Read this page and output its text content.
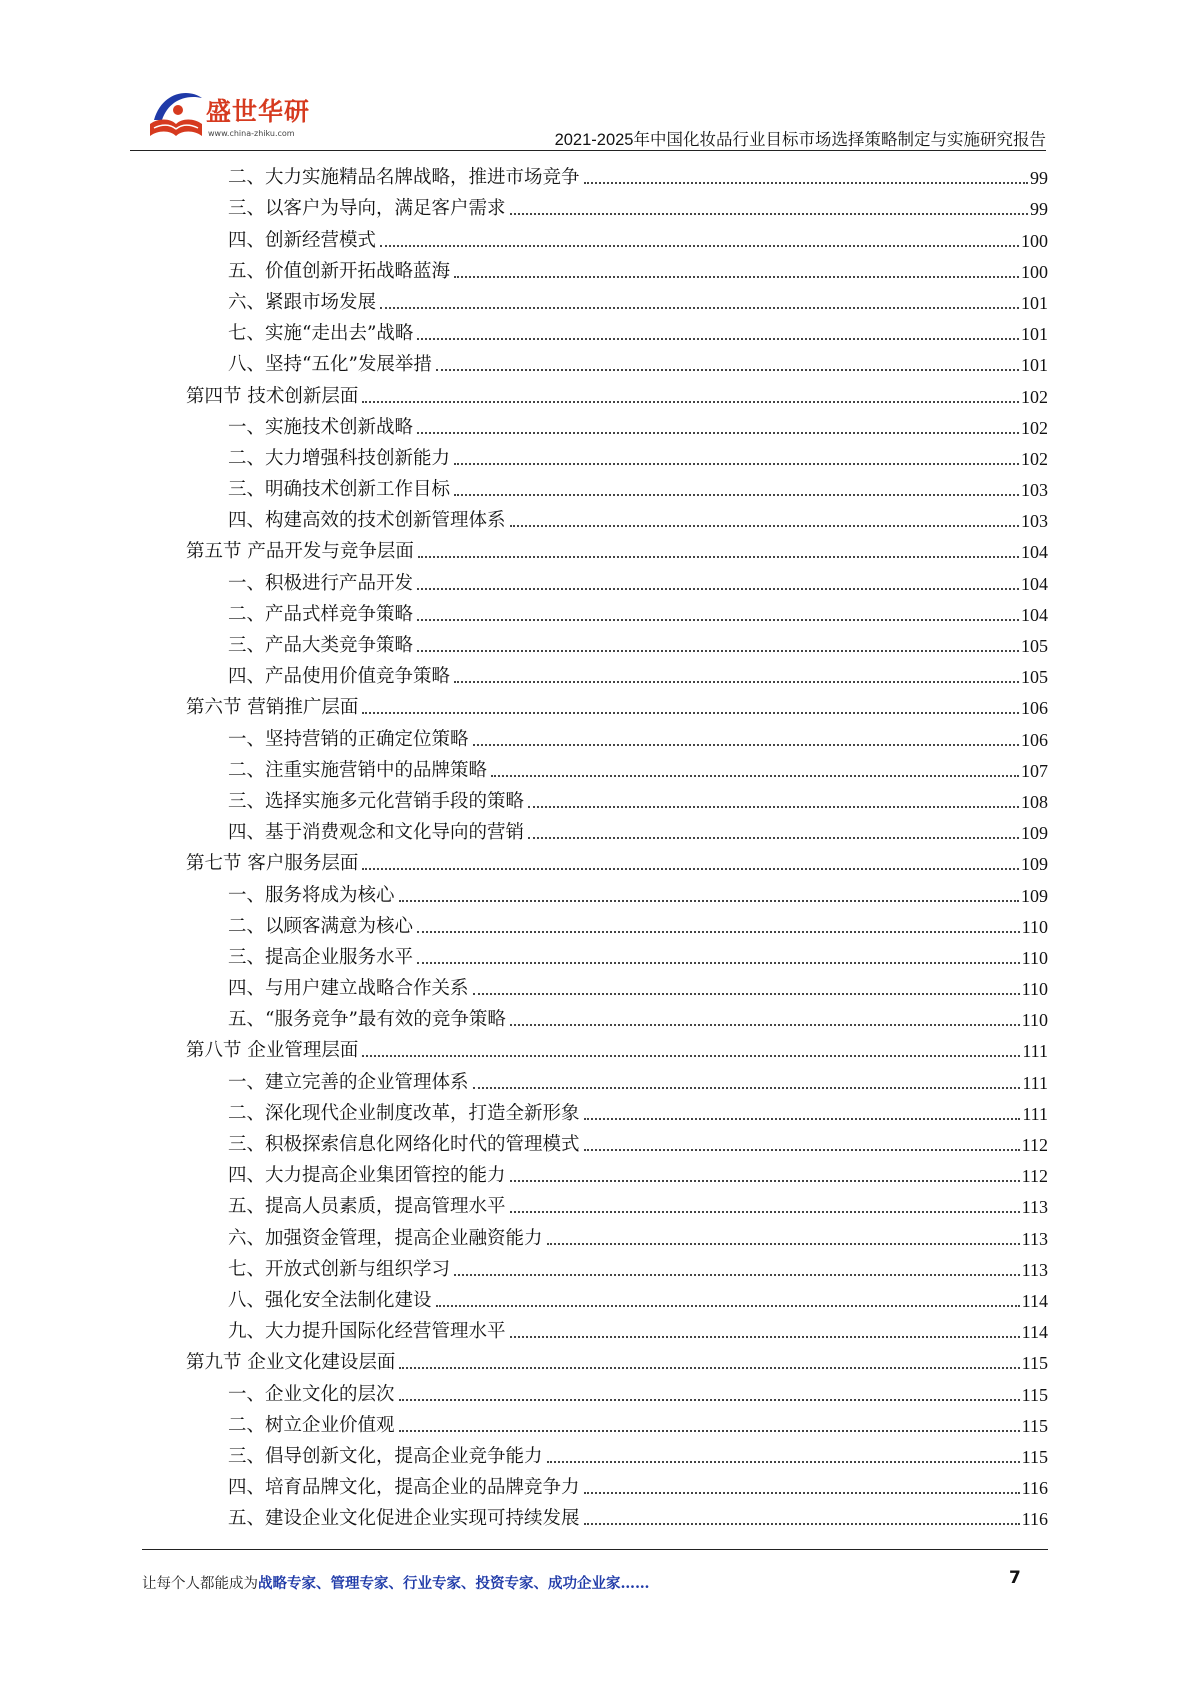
盛世华研
www.china-zhiku.com	2021-2025年中国化妆品行业目标市场选择策略制定与实施研究报告
二、大力实施精品名牌战略，推进市场竞争	99
三、以客户为导向，满足客户需求	99
四、创新经营模式	100
五、价值创新开拓战略蓝海	100
六、紧跟市场发展	101
七、实施“走出去”战略	101
八、坚持“五化”发展举措	101
第四节 技术创新层面	102
一、实施技术创新战略	102
二、大力增强科技创新能力	102
三、明确技术创新工作目标	103
四、构建高效的技术创新管理体系	103
第五节 产品开发与竞争层面	104
一、积极进行产品开发	104
二、产品式样竞争策略	104
三、产品大类竞争策略	105
四、产品使用价值竞争策略	105
第六节 营销推广层面	106
一、坚持营销的正确定位策略	106
二、注重实施营销中的品牌策略	107
三、选择实施多元化营销手段的策略	108
四、基于消费观念和文化导向的营销	109
第七节 客户服务层面	109
一、服务将成为核心	109
二、以顾客满意为核心	110
三、提高企业服务水平	110
四、与用户建立战略合作关系	110
五、“服务竞争”最有效的竞争策略	110
第八节 企业管理层面	111
一、建立完善的企业管理体系	111
二、深化现代企业制度改革，打造全新形象	111
三、积极探索信息化网络化时代的管理模式	112
四、大力提高企业集团管控的能力	112
五、提高人员素质，提高管理水平	113
六、加强资金管理，提高企业融资能力	113
七、开放式创新与组织学习	113
八、强化安全法制化建设	114
九、大力提升国际化经营管理水平	114
第九节 企业文化建设层面	115
一、企业文化的层次	115
二、树立企业价值观	115
三、倡导创新文化，提高企业竞争能力	115
四、培育品牌文化，提高企业的品牌竞争力	116
五、建设企业文化促进企业实现可持续发展	116
让每个人都能成为战略专家、管理专家、行业专家、投资专家、成功企业家……	7
